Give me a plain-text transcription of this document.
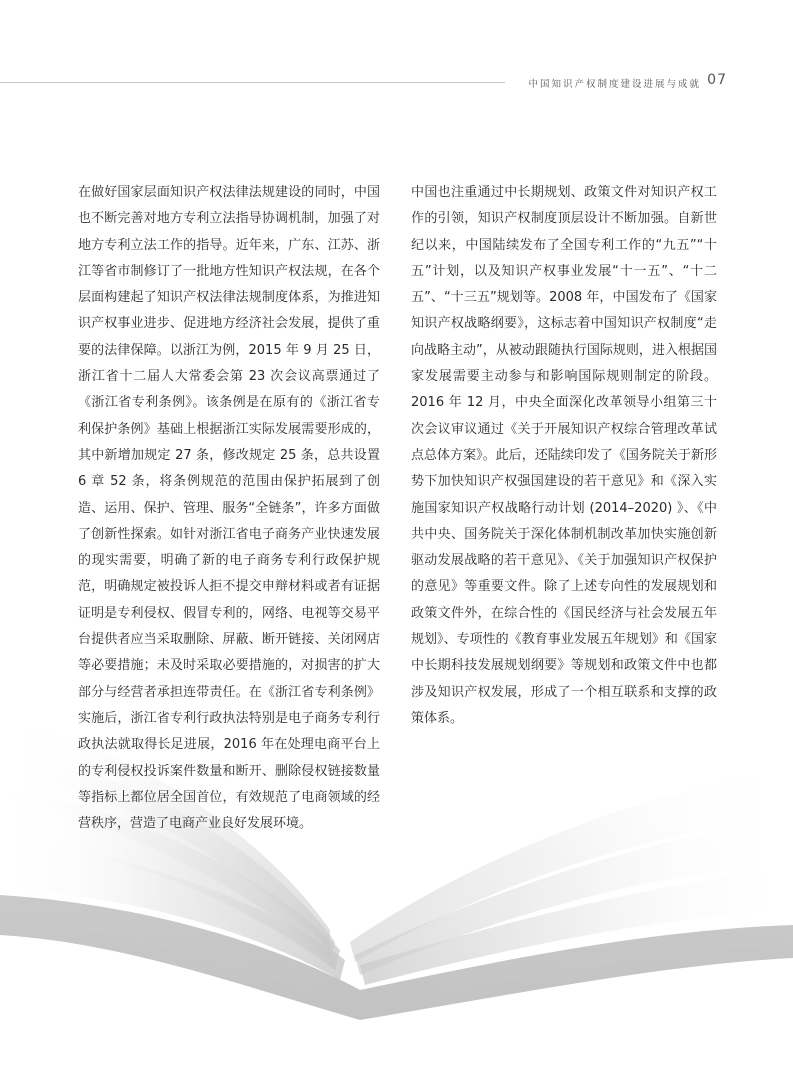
中国知识产权制度建设进展与成就 07

在做好国家层面知识产权法律法规建设的同时，中国也不断完善对地方专利立法指导协调机制，加强了对地方专利立法工作的指导。近年来，广东、江苏、浙江等省市制修订了一批地方性知识产权法规，在各个层面构建起了知识产权法律法规制度体系，为推进知识产权事业进步、促进地方经济社会发展，提供了重要的法律保障。以浙江为例，2015 年 9 月 25 日，浙江省十二届人大常委会第 23 次会议高票通过了《浙江省专利条例》。该条例是在原有的《浙江省专利保护条例》基础上根据浙江实际发展需要形成的，其中新增加规定 27 条，修改规定 25 条，总共设置 6 章 52 条，将条例规范的范围由保护拓展到了创造、运用、保护、管理、服务“全链条”，许多方面做了创新性探索。如针对浙江省电子商务产业快速发展的现实需要，明确了新的电子商务专利行政保护规范，明确规定被投诉人拒不提交申辩材料或者有证据证明是专利侵权、假冒专利的，网络、电视等交易平台提供者应当采取删除、屏蔽、断开链接、关闭网店等必要措施；未及时采取必要措施的，对损害的扩大部分与经营者承担连带责任。在《浙江省专利条例》实施后，浙江省专利行政执法特别是电子商务专利行政执法就取得长足进展，2016 年在处理电商平台上的专利侵权投诉案件数量和断开、删除侵权链接数量等指标上都位居全国首位，有效规范了电商领域的经营秩序，营造了电商产业良好发展环境。

中国也注重通过中长期规划、政策文件对知识产权工作的引领，知识产权制度顶层设计不断加强。自新世纪以来，中国陆续发布了全国专利工作的“九五”“十五”计划，以及知识产权事业发展“十一五”、“十二五”、“十三五”规划等。2008 年，中国发布了《国家知识产权战略纲要》，这标志着中国知识产权制度“走向战略主动”，从被动跟随执行国际规则，进入根据国家发展需要主动参与和影响国际规则制定的阶段。2016 年 12 月，中央全面深化改革领导小组第三十次会议审议通过《关于开展知识产权综合管理改革试点总体方案》。此后，还陆续印发了《国务院关于新形势下加快知识产权强国建设的若干意见》和《深入实施国家知识产权战略行动计划 (2014–2020) 》、《中共中央、国务院关于深化体制机制改革加快实施创新驱动发展战略的若干意见》、《关于加强知识产权保护的意见》等重要文件。除了上述专向性的发展规划和政策文件外，在综合性的《国民经济与社会发展五年规划》、专项性的《教育事业发展五年规划》和《国家中长期科技发展规划纲要》等规划和政策文件中也都涉及知识产权发展，形成了一个相互联系和支撑的政策体系。
